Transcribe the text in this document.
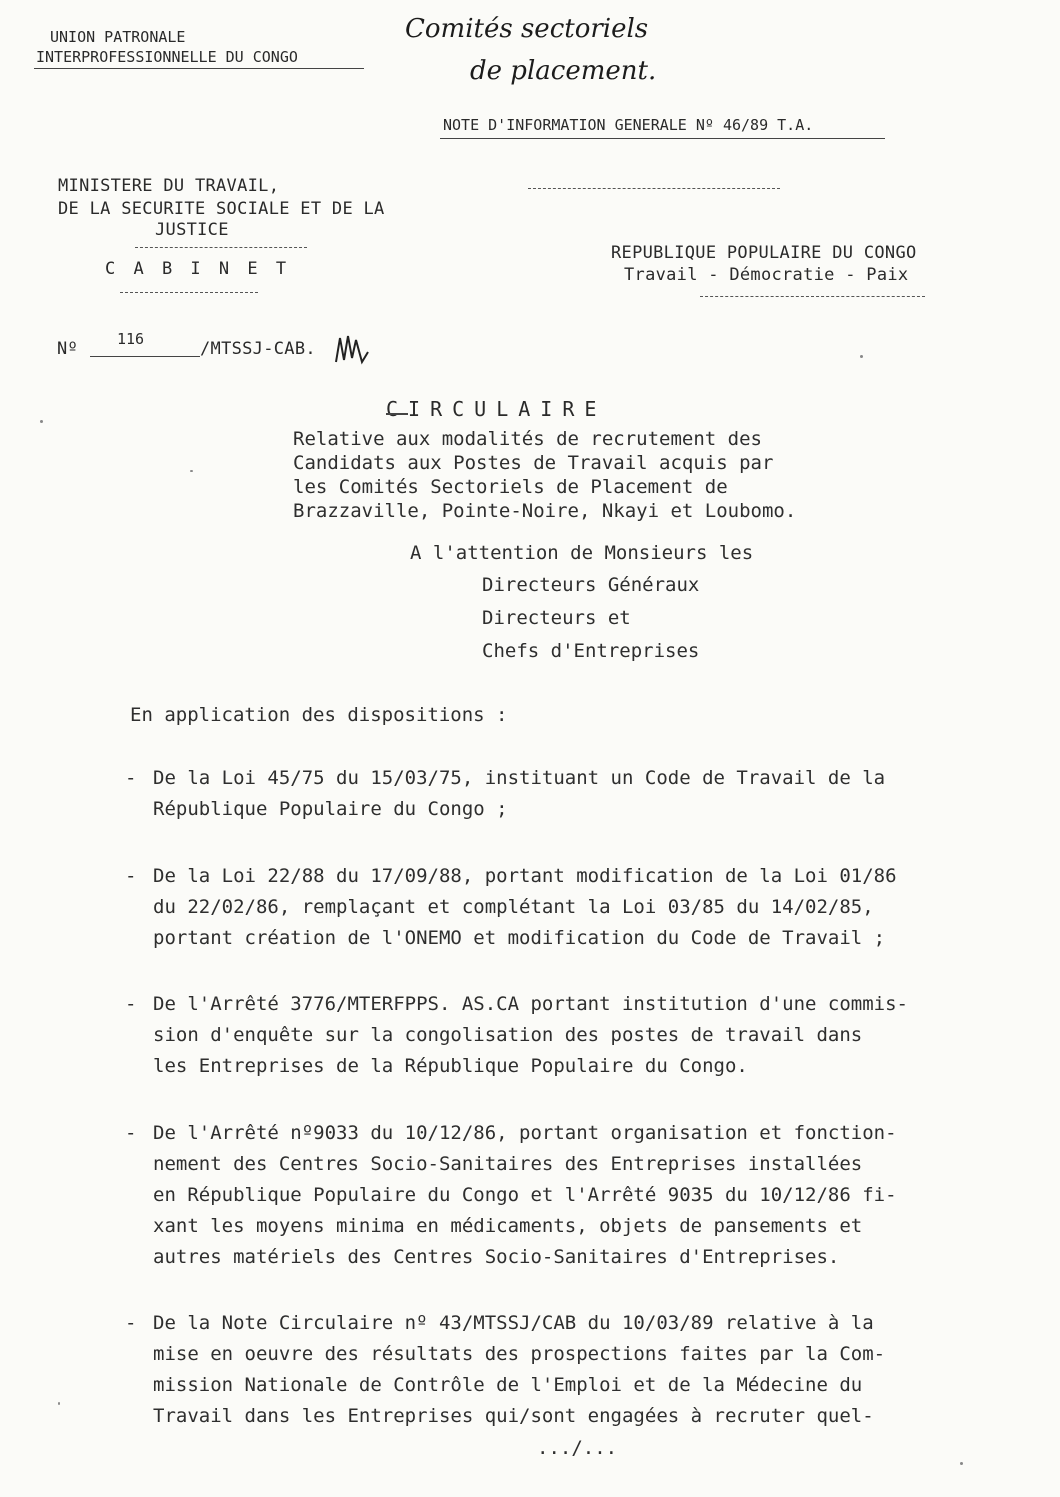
UNION PATRONALE
INTERPROFESSIONNELLE DU CONGO
Comités sectoriels
de placement.
NOTE D'INFORMATION GENERALE Nº 46/89 T.A.
MINISTERE DU TRAVAIL,
DE LA SECURITE SOCIALE ET DE LA
JUSTICE
C A B I N E T
REPUBLIQUE POPULAIRE DU CONGO
Travail - Démocratie - Paix
Nº	116	/MTSSJ-CAB.
CIRCULAIRE
Relative aux modalités de recrutement des
Candidats aux Postes de Travail acquis par
les Comités Sectoriels de Placement de
Brazzaville, Pointe-Noire, Nkayi et Loubomo.
A l'attention de Monsieurs les
Directeurs Généraux
Directeurs et
Chefs d'Entreprises
En application des dispositions :
- De la Loi 45/75 du 15/03/75, instituant un Code de Travail de la
République Populaire du Congo ;
- De la Loi 22/88 du 17/09/88, portant modification de la Loi 01/86
du 22/02/86, remplaçant et complétant la Loi 03/85 du 14/02/85,
portant création de l'ONEMO et modification du Code de Travail ;
- De l'Arrêté 3776/MTERFPPS. AS.CA portant institution d'une commis-
sion d'enquête sur la congolisation des postes de travail dans
les Entreprises de la République Populaire du Congo.
- De l'Arrêté nº9033 du 10/12/86, portant organisation et fonction-
nement des Centres Socio-Sanitaires des Entreprises installées
en République Populaire du Congo et l'Arrêté 9035 du 10/12/86 fi-
xant les moyens minima en médicaments, objets de pansements et
autres matériels des Centres Socio-Sanitaires d'Entreprises.
- De la Note Circulaire nº 43/MTSSJ/CAB du 10/03/89 relative à la
mise en oeuvre des résultats des prospections faites par la Com-
mission Nationale de Contrôle de l'Emploi et de la Médecine du
Travail dans les Entreprises qui/sont engagées à recruter quel-
.../...
